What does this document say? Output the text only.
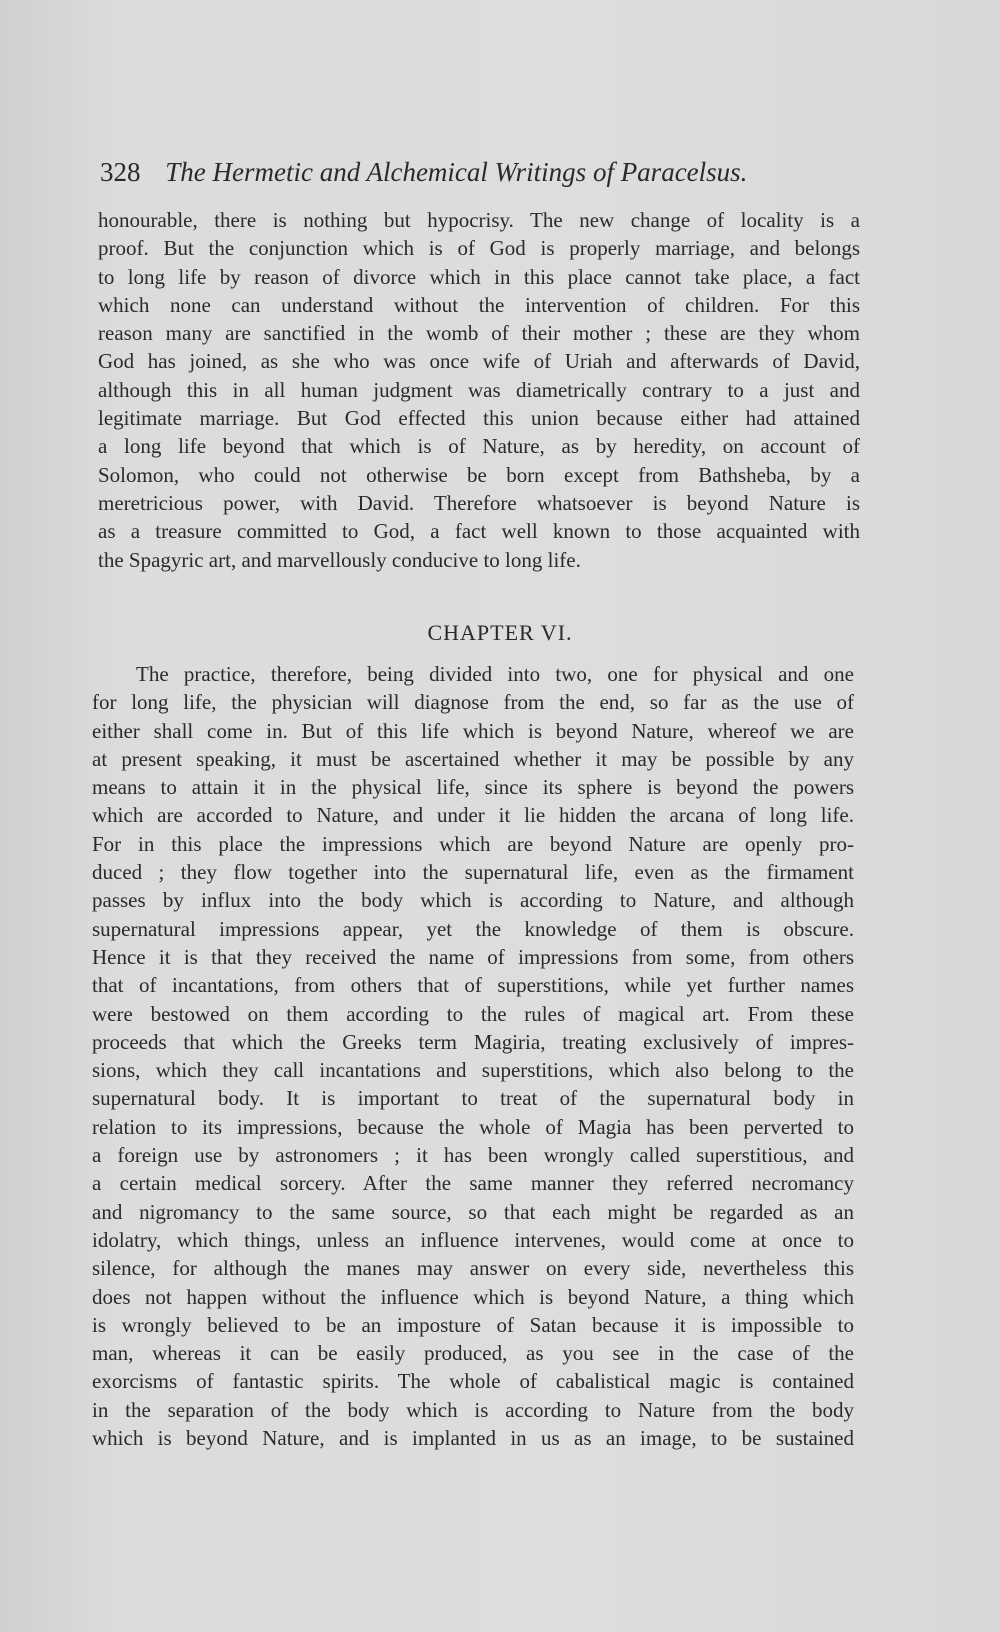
328 The Hermetic and Alchemical Writings of Paracelsus.
honourable, there is nothing but hypocrisy. The new change of locality is a
proof. But the conjunction which is of God is properly marriage, and belongs
to long life by reason of divorce which in this place cannot take place, a fact
which none can understand without the intervention of children. For this
reason many are sanctified in the womb of their mother ; these are they whom
God has joined, as she who was once wife of Uriah and afterwards of David,
although this in all human judgment was diametrically contrary to a just and
legitimate marriage. But God effected this union because either had attained
a long life beyond that which is of Nature, as by heredity, on account of
Solomon, who could not otherwise be born except from Bathsheba, by a
meretricious power, with David. Therefore whatsoever is beyond Nature is
as a treasure committed to God, a fact well known to those acquainted with
the Spagyric art, and marvellously conducive to long life.
CHAPTER VI.
The practice, therefore, being divided into two, one for physical and one
for long life, the physician will diagnose from the end, so far as the use of
either shall come in. But of this life which is beyond Nature, whereof we are
at present speaking, it must be ascertained whether it may be possible by any
means to attain it in the physical life, since its sphere is beyond the powers
which are accorded to Nature, and under it lie hidden the arcana of long life.
For in this place the impressions which are beyond Nature are openly pro-
duced ; they flow together into the supernatural life, even as the firmament
passes by influx into the body which is according to Nature, and although
supernatural impressions appear, yet the knowledge of them is obscure.
Hence it is that they received the name of impressions from some, from others
that of incantations, from others that of superstitions, while yet further names
were bestowed on them according to the rules of magical art. From these
proceeds that which the Greeks term Magiria, treating exclusively of impres-
sions, which they call incantations and superstitions, which also belong to the
supernatural body. It is important to treat of the supernatural body in
relation to its impressions, because the whole of Magia has been perverted to
a foreign use by astronomers ; it has been wrongly called superstitious, and
a certain medical sorcery. After the same manner they referred necromancy
and nigromancy to the same source, so that each might be regarded as an
idolatry, which things, unless an influence intervenes, would come at once to
silence, for although the manes may answer on every side, nevertheless this
does not happen without the influence which is beyond Nature, a thing which
is wrongly believed to be an imposture of Satan because it is impossible to
man, whereas it can be easily produced, as you see in the case of the
exorcisms of fantastic spirits. The whole of cabalistical magic is contained
in the separation of the body which is according to Nature from the body
which is beyond Nature, and is implanted in us as an image, to be sustained
